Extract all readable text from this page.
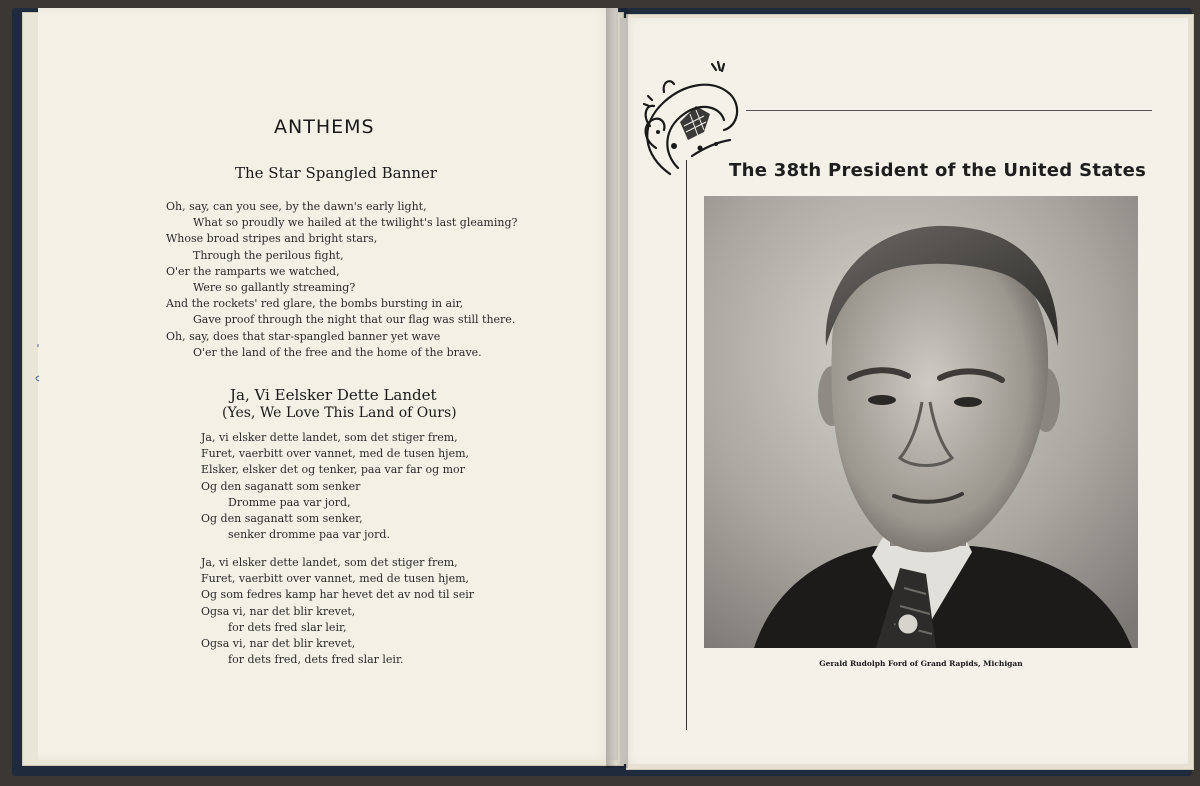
ANTHEMS
The Star Spangled Banner
Oh, say, can you see, by the dawn's early light,
What so proudly we hailed at the twilight's last gleaming?
Whose broad stripes and bright stars,
Through the perilous fight,
O'er the ramparts we watched,
Were so gallantly streaming?
And the rockets' red glare, the bombs bursting in air,
Gave proof through the night that our flag was still there.
Oh, say, does that star-spangled banner yet wave
O'er the land of the free and the home of the brave.
Ja, Vi Eelsker Dette Landet
(Yes, We Love This Land of Ours)
Ja, vi elsker dette landet, som det stiger frem,
Furet, vaerbitt over vannet, med de tusen hjem,
Elsker, elsker det og tenker, paa var far og mor
Og den saganatt som senker
Dromme paa var jord,
Og den saganatt som senker,
senker dromme paa var jord.
Ja, vi elsker dette landet, som det stiger frem,
Furet, vaerbitt over vannet, med de tusen hjem,
Og som fedres kamp har hevet det av nod til seir
Ogsa vi, nar det blir krevet,
for dets fred slar leir,
Ogsa vi, nar det blir krevet,
for dets fred, dets fred slar leir.
The 38th President of the United States
Gerald Rudolph Ford of Grand Rapids, Michigan
